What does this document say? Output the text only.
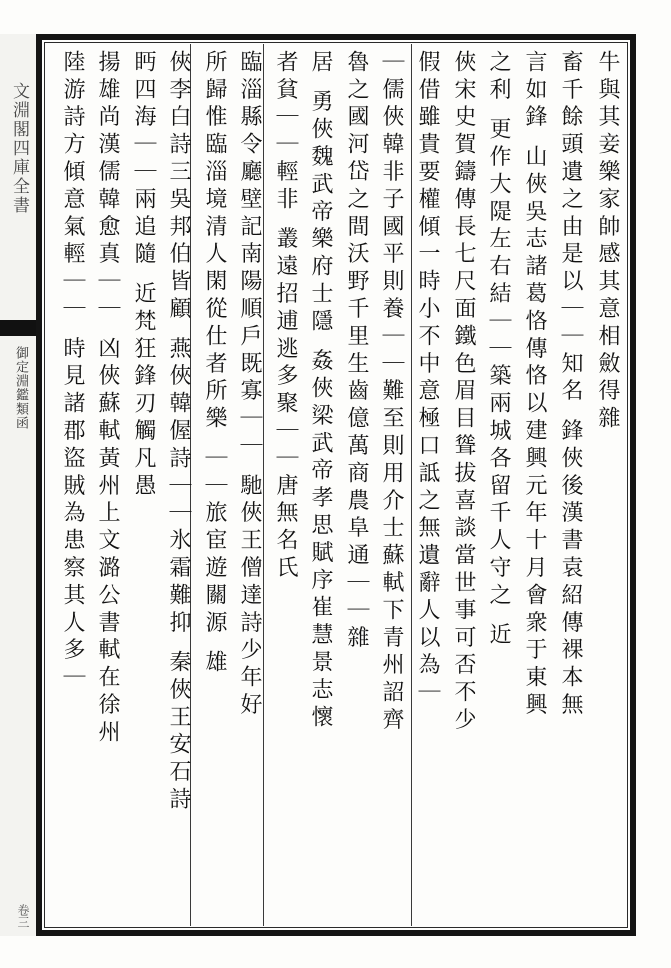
文淵閣四庫全書
御定淵鑑類函
卷三
牛與其妾樂家帥感其意相斂得雜
畜千餘頭遺之由是以｜｜知名 鋒俠後漢書袁紹傳裸本無
言如鋒 山俠吳志諸葛恪傳恪以建興元年十月會衆于東興
之利 更作大隄左右結｜｜築兩城各留千人守之 近
俠宋史賀鑄傳長七尺面鐵色眉目聳拔喜談當世事可否不少
假借雖貴要權傾一時小不中意極口詆之無遺辭人以為｜
｜儒俠韓非子國平則養｜｜難至則用介士蘇軾下青州詔齊
魯之國河岱之間沃野千里生齒億萬商農阜通｜｜雜
居 勇俠魏武帝樂府士隱 姦俠梁武帝孝思賦序崔慧景志懷
者貧｜｜輕非 叢遠招逋逃多聚｜｜唐無名氏
臨淄縣令廳壁記南陽順戶既寡｜｜ 馳俠王僧達詩少年好
所歸惟臨淄境清人閑從仕者所樂 ｜｜旅宦遊關源 雄
俠李白詩三吳邦伯皆顧 燕俠韓偓詩｜｜氷霜難抑 秦俠王安石詩
眄四海｜｜兩追隨 近梵狂鋒刃觸凡愚
揚雄尚漢儒韓愈真｜｜ 凶俠蘇軾黃州上文潞公書軾在徐州
陸游詩方傾意氣輕｜｜ 時見諸郡盜賊為患察其人多｜
